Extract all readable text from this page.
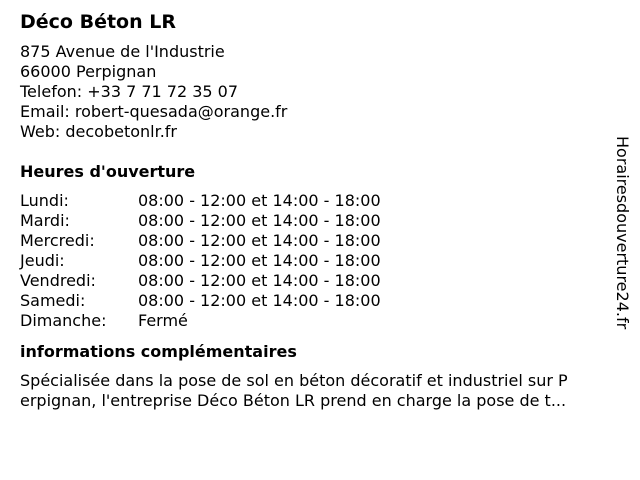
Déco Béton LR
875 Avenue de l'Industrie
66000 Perpignan
Telefon: +33 7 71 72 35 07
Email: robert-quesada@orange.fr
Web: decobetonlr.fr
Heures d'ouverture
Lundi:	08:00 - 12:00 et 14:00 - 18:00
Mardi:	08:00 - 12:00 et 14:00 - 18:00
Mercredi:	08:00 - 12:00 et 14:00 - 18:00
Jeudi:	08:00 - 12:00 et 14:00 - 18:00
Vendredi:	08:00 - 12:00 et 14:00 - 18:00
Samedi:	08:00 - 12:00 et 14:00 - 18:00
Dimanche:	Fermé
informations complémentaires
Spécialisée dans la pose de sol en béton décoratif et industriel sur P
erpignan, l'entreprise Déco Béton LR prend en charge la pose de t...
Horairesdouverture24.fr
